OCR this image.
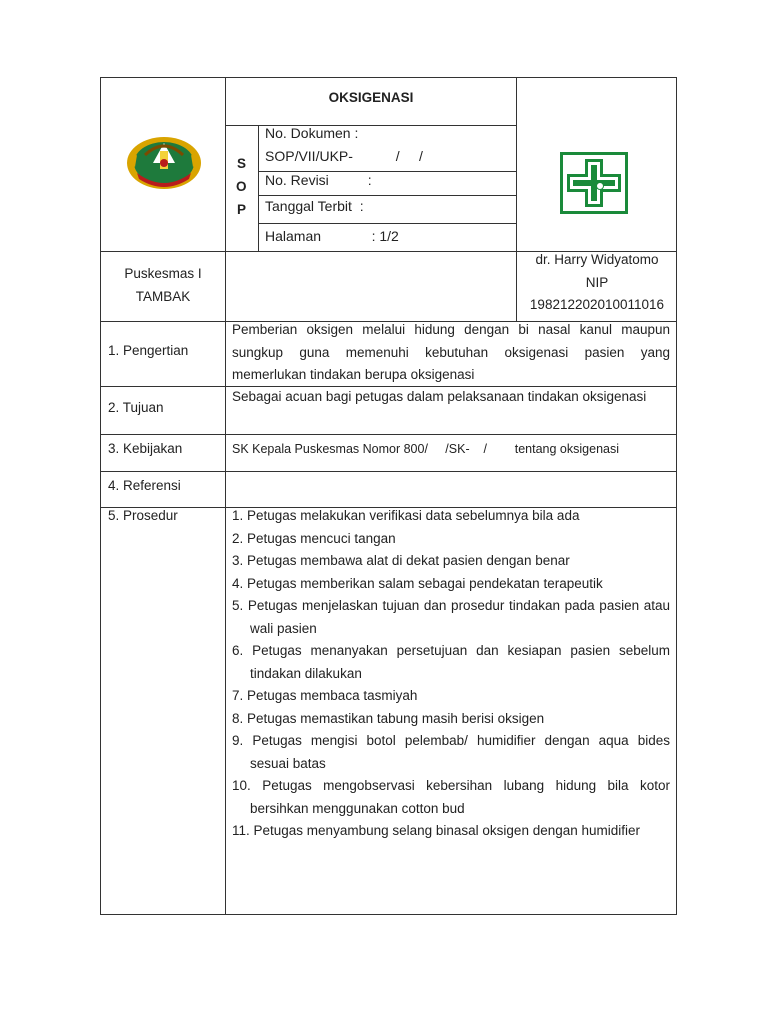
OKSIGENASI
S
O
P
No. Dokumen :
SOP/VII/UKP-           /     /
No. Revisi          :
Tanggal Terbit  :
Halaman             : 1/2
Puskesmas I
TAMBAK
dr. Harry Widyatomo
NIP
198212202010011016
1. Pengertian
Pemberian oksigen melalui hidung dengan bi nasal kanul maupun sungkup guna memenuhi kebutuhan oksigenasi pasien yang memerlukan tindakan berupa oksigenasi
2. Tujuan
Sebagai acuan bagi petugas dalam pelaksanaan tindakan oksigenasi
3. Kebijakan	SK Kepala Puskesmas Nomor 800/     /SK-    /        tentang oksigenasi
4. Referensi
5. Prosedur	1. Petugas melakukan verifikasi data sebelumnya bila ada
2. Petugas mencuci tangan
3. Petugas membawa alat di dekat pasien dengan benar
4. Petugas memberikan salam sebagai pendekatan terapeutik
5. Petugas menjelaskan tujuan dan prosedur tindakan pada pasien atau wali pasien
6. Petugas menanyakan persetujuan dan kesiapan pasien sebelum tindakan dilakukan
7. Petugas membaca tasmiyah
8. Petugas memastikan tabung masih berisi oksigen
9. Petugas mengisi botol pelembab/ humidifier dengan aqua bides sesuai batas
10. Petugas mengobservasi kebersihan lubang hidung bila kotor bersihkan menggunakan cotton bud
11. Petugas menyambung selang binasal oksigen dengan humidifier
